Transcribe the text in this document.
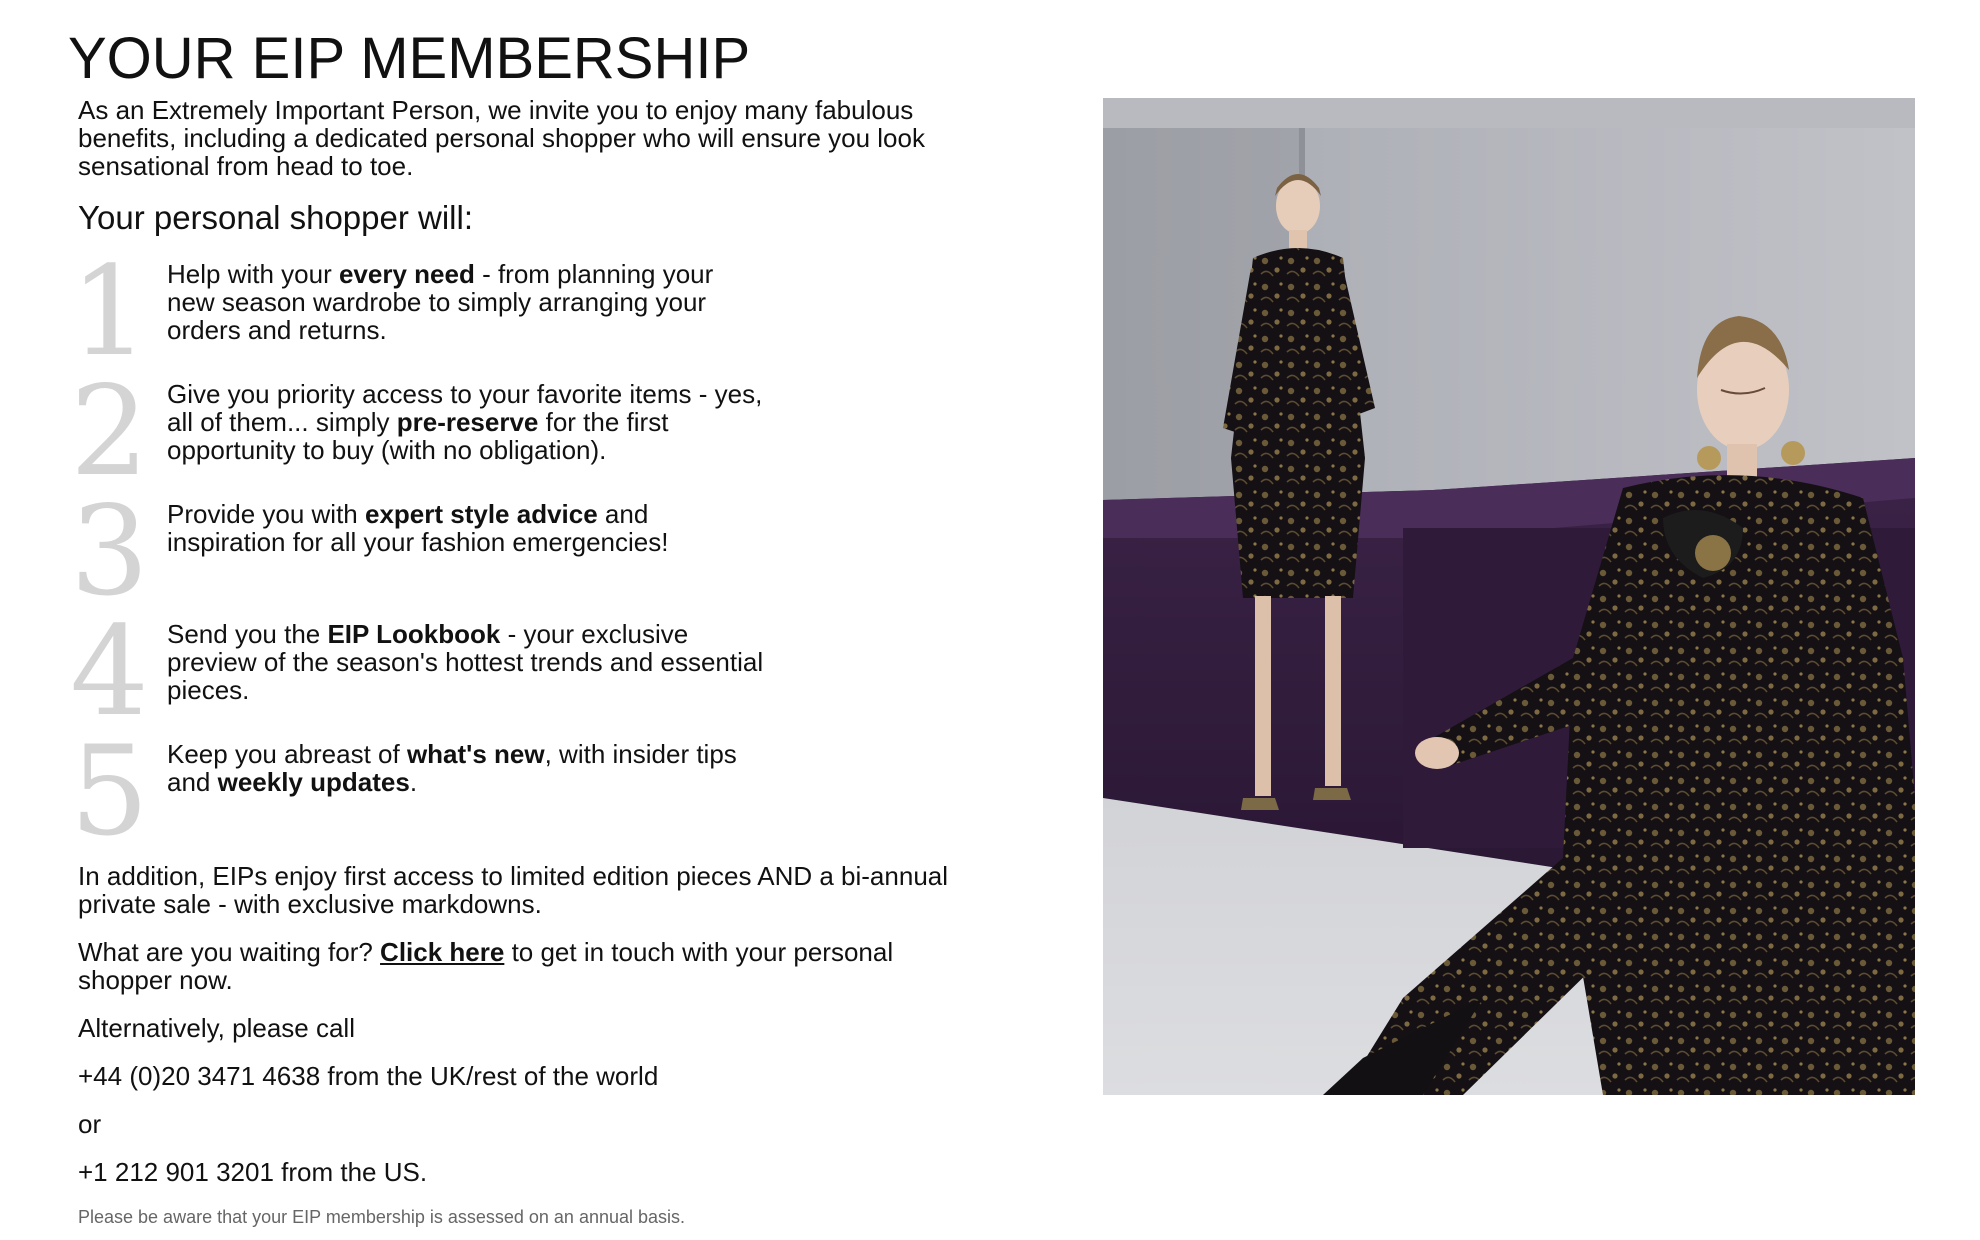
YOUR EIP MEMBERSHIP

As an Extremely Important Person, we invite you to enjoy many fabulous benefits, including a dedicated personal shopper who will ensure you look sensational from head to toe.

Your personal shopper will:
1 Help with your every need - from planning your new season wardrobe to simply arranging your orders and returns.
2 Give you priority access to your favorite items - yes, all of them... simply pre-reserve for the first opportunity to buy (with no obligation).
3 Provide you with expert style advice and inspiration for all your fashion emergencies!
4 Send you the EIP Lookbook - your exclusive preview of the season's hottest trends and essential pieces.
5 Keep you abreast of what's new, with insider tips and weekly updates.

In addition, EIPs enjoy first access to limited edition pieces AND a bi-annual private sale - with exclusive markdowns.

What are you waiting for? Click here to get in touch with your personal shopper now.

Alternatively, please call

+44 (0)20 3471 4638 from the UK/rest of the world

or

+1 212 901 3201 from the US.

Please be aware that your EIP membership is assessed on an annual basis.
